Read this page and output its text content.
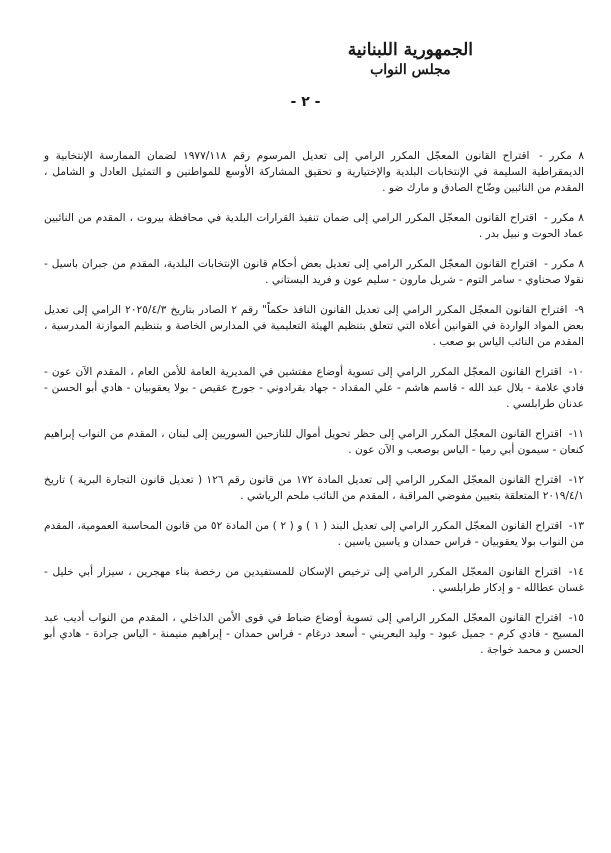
الجمهورية اللبنانية
مجلس النواب
- ٢ -
٨ مكرر - اقتراح القانون المعجّل المكرر الرامي إلى تعديل المرسوم رقم ١٩٧٧/١١٨ لضمان الممارسة الإنتخابية و الديمقراطية السليمة في الإنتخابات البلدية والإختيارية و تحقيق المشاركة الأوسع للمواطنين و التمثيل العادل و الشامل ، المقدم من النائبين وضّاح الصادق و مارك ضو .
٨ مكرر - اقتراح القانون المعجّل المكرر الرامي إلى ضمان تنفيذ القرارات البلدية في محافظة بيروت ، المقدم من النائبين عماد الحوت و نبيل بدر .
٨ مكرر - اقتراح القانون المعجّل المكرر الرامي إلى تعديل بعض أحكام قانون الإنتخابات البلدية، المقدم من جبران باسيل - نقولا صحناوي - سامر التوم - شربل مارون - سليم عون و فريد البستاني .
٩- اقتراح القانون المعجّل المكرر الرامي إلى تعديل القانون النافذ حكماً" رقم ٢ الصادر بتاريخ ٢٠٢٥/٤/٣ الرامي إلى تعديل بعض المواد الواردة في القوانين أعلاه التي تتعلق بتنظيم الهيئة التعليمية في المدارس الخاصة و بتنظيم الموازنة المدرسية ، المقدم من النائب الياس بو صعب .
١٠- اقتراح القانون المعجّل المكرر الرامي إلى تسوية أوضاع مفتشين في المديرية العامة للأمن العام ، المقدم الآن عون - فادي علامة - بلال عبد الله - قاسم هاشم - علي المقداد - جهاد بقرادوني - جورج عقيص - بولا يعقوبيان - هادي أبو الحسن - عدنان طرابلسي .
١١- اقتراح القانون المعجّل المكرر الرامي إلى حظر تحويل أموال للنازحين السوريين إلى لبنان ، المقدم من النواب إبراهيم كنعان - سيمون أبي رميا - الياس بوصعب و الآن عون .
١٢- اقتراح القانون المعجّل المكرر الرامي إلى تعديل المادة ١٧٢ من قانون رقم ١٢٦ ( تعديل قانون التجارة البرية ) تاريخ ٢٠١٩/٤/١ المتعلقة بتعيين مفوضي المراقبة ، المقدم من النائب ملحم الرياشي .
١٣- اقتراح القانون المعجّل المكرر الرامي إلى تعديل البند ( ١ ) و ( ٢ ) من المادة ٥٢ من قانون المحاسبة العمومية، المقدم من النواب بولا يعقوبيان - فراس حمدان و ياسين ياسين .
١٤- اقتراح القانون المعجّل المكرر الرامي إلى ترخيص الإسكان للمستفيدين من رخصة بناء مهجرين ، سيزار أبي خليل - غسان عطالله - و إدكار طرابلسي .
١٥- اقتراح القانون المعجّل المكرر الرامي إلى تسوية أوضاع ضباط في قوى الأمن الداخلي ، المقدم من النواب أديب عبد المسيح - فادي كرم - جميل عبود - وليد البعريني - أسعد درغام - فراس حمدان - إبراهيم منيمنة - الياس جرادة - هادي أبو الحسن و محمد خواجة .
